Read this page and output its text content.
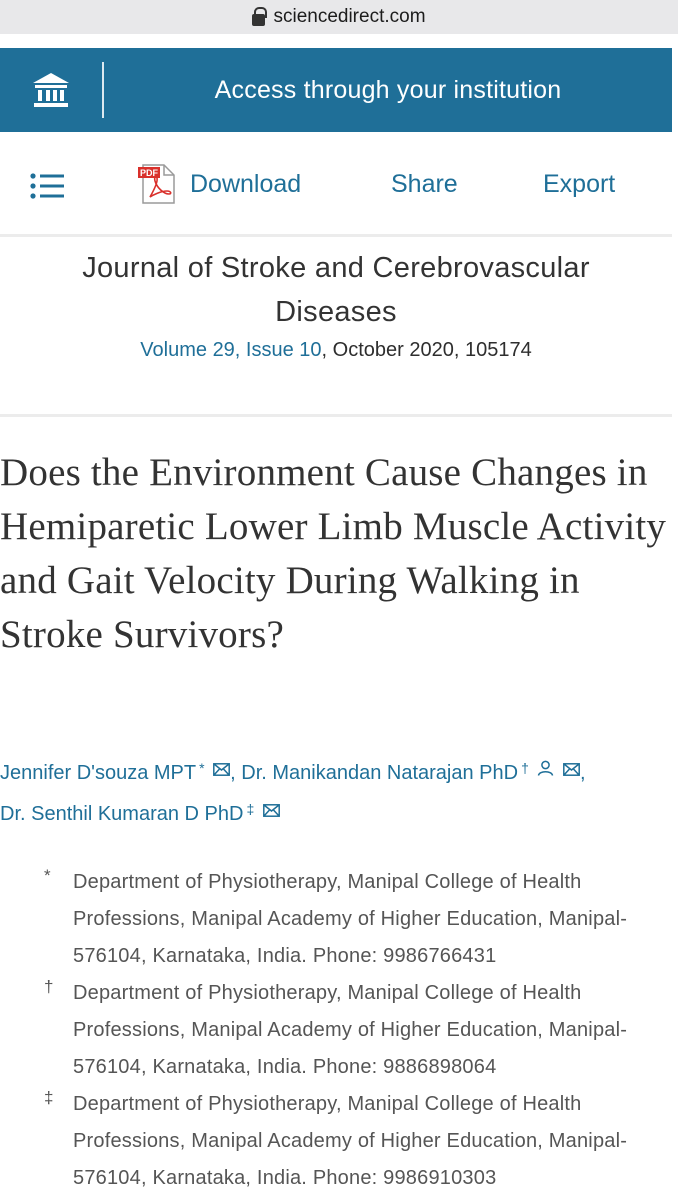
sciencedirect.com
Access through your institution
PDF Download	Share	Export
Journal of Stroke and Cerebrovascular Diseases
Volume 29, Issue 10, October 2020, 105174
Does the Environment Cause Changes in Hemiparetic Lower Limb Muscle Activity and Gait Velocity During Walking in Stroke Survivors?
Jennifer D'souza MPT * , Dr. Manikandan Natarajan PhD †	,
Dr. Senthil Kumaran D PhD ‡
* Department of Physiotherapy, Manipal College of Health Professions, Manipal Academy of Higher Education, Manipal-576104, Karnataka, India. Phone: 9986766431
† Department of Physiotherapy, Manipal College of Health Professions, Manipal Academy of Higher Education, Manipal-576104, Karnataka, India. Phone: 9886898064
‡ Department of Physiotherapy, Manipal College of Health Professions, Manipal Academy of Higher Education, Manipal-576104, Karnataka, India. Phone: 9986910303
